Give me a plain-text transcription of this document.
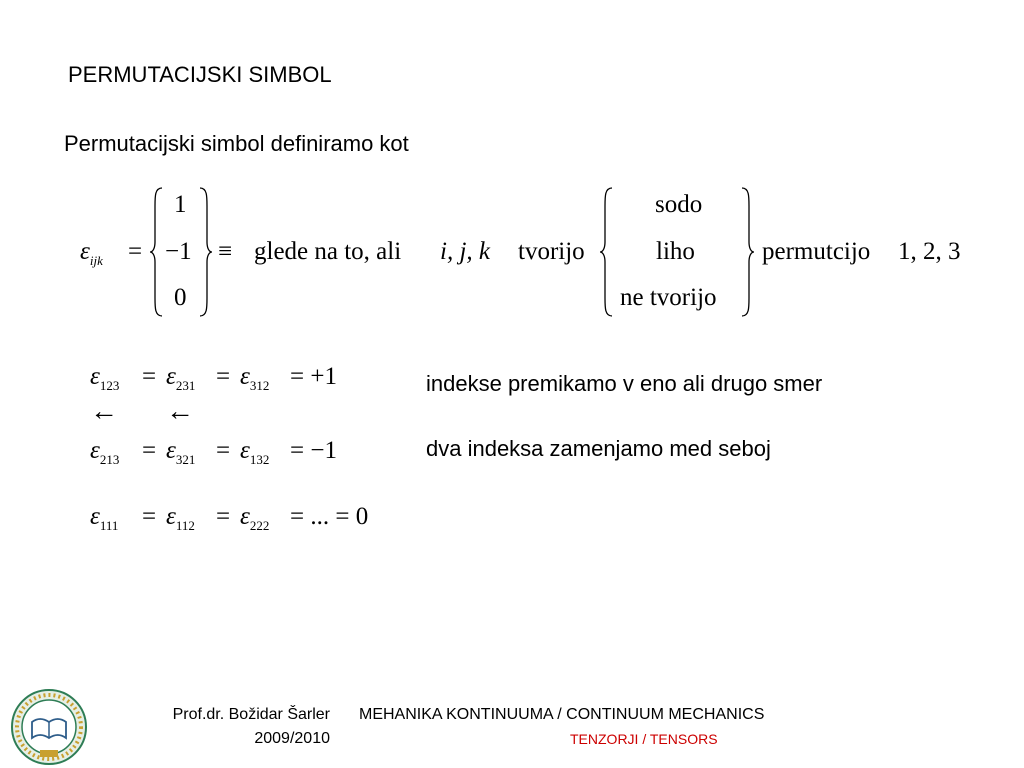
PERMUTACIJSKI SIMBOL
Permutacijski simbol definiramo kot
$\varepsilon_{ijk}$ =
1
−1
0
≡ glede na to, ali i, j, k tvorijo
sodo
liho
ne tvorijo
permutcijo 1, 2, 3
$\varepsilon_{123} = \varepsilon_{231} = \varepsilon_{312} = +1$	indekse premikamo v eno ali drugo smer
← ←
$\varepsilon_{213} = \varepsilon_{321} = \varepsilon_{132} = -1$	dva indeksa zamenjamo med seboj
$\varepsilon_{111} = \varepsilon_{112} = \varepsilon_{222}$ = ... = 0
Prof.dr. Božidar Šarler
2009/2010
MEHANIKA KONTINUUMA / CONTINUUM MECHANICS
TENZORJI / TENSORS
